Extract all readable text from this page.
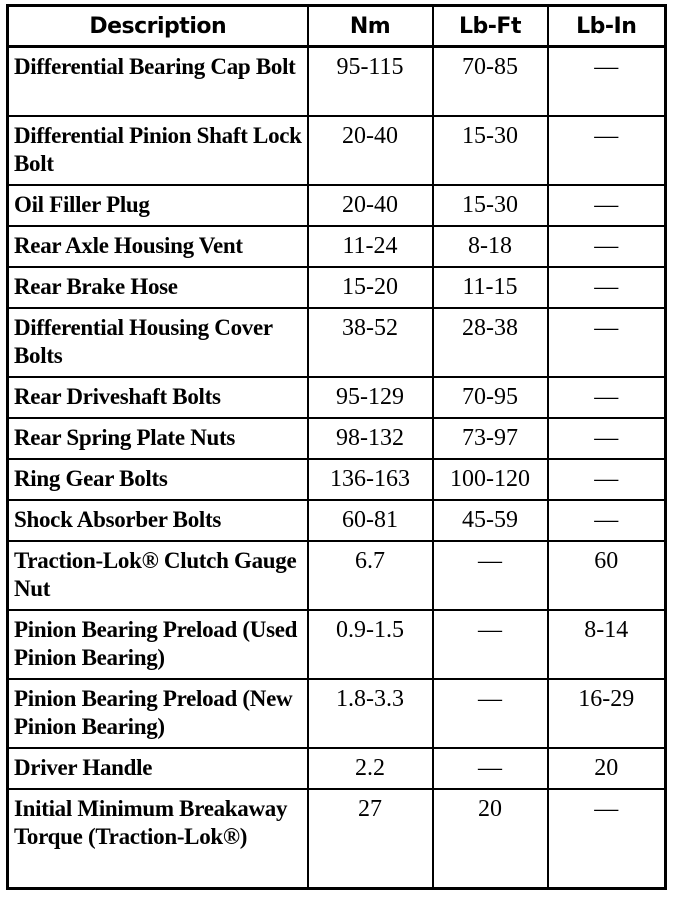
Description	Nm	Lb-Ft	Lb-In
Differential Bearing Cap Bolt	95-115	70-85	—
Differential Pinion Shaft Lock Bolt	20-40	15-30	—
Oil Filler Plug	20-40	15-30	—
Rear Axle Housing Vent	11-24	8-18	—
Rear Brake Hose	15-20	11-15	—
Differential Housing Cover Bolts	38-52	28-38	—
Rear Driveshaft Bolts	95-129	70-95	—
Rear Spring Plate Nuts	98-132	73-97	—
Ring Gear Bolts	136-163	100-120	—
Shock Absorber Bolts	60-81	45-59	—
Traction-Lok® Clutch Gauge Nut	6.7	—	60
Pinion Bearing Preload (Used Pinion Bearing)	0.9-1.5	—	8-14
Pinion Bearing Preload (New Pinion Bearing)	1.8-3.3	—	16-29
Driver Handle	2.2	—	20
Initial Minimum Breakaway Torque (Traction-Lok®)	27	20	—
